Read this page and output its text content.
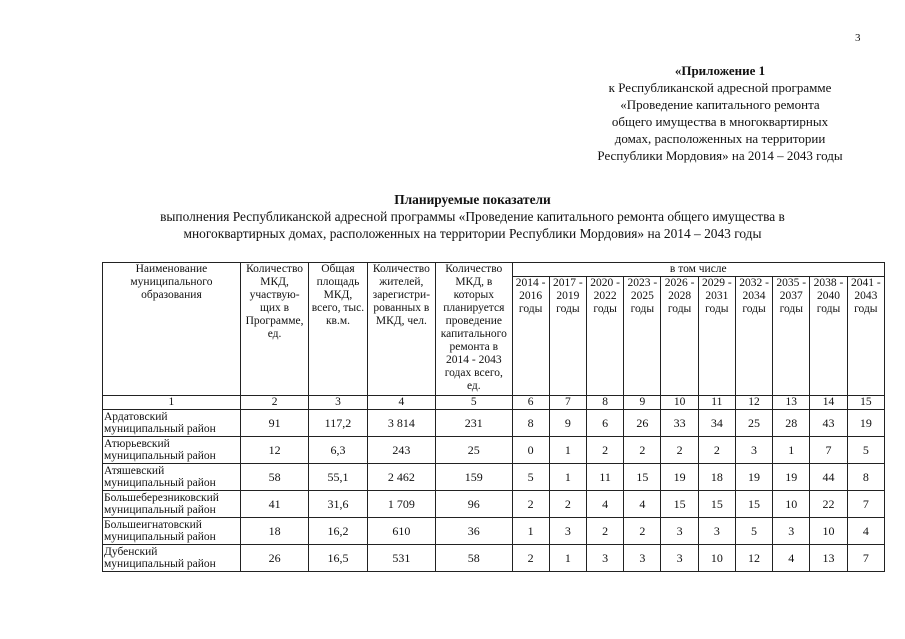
3
«Приложение 1
к Республиканской адресной программе
«Проведение капитального ремонта
общего имущества в многоквартирных
домах, расположенных на территории
Республики Мордовия» на 2014 – 2043 годы
Планируемые показатели
выполнения Республиканской адресной программы «Проведение капитального ремонта общего имущества в
многоквартирных домах, расположенных на территории Республики Мордовия» на 2014 – 2043 годы
Наименование муниципального образования	Количество МКД, участвую-щих в Программе, ед.	Общая площадь МКД, всего, тыс. кв.м.	Количество жителей, зарегистри-рованных в МКД, чел.	Количество МКД, в которых планируется проведение капитального ремонта в 2014 - 2043 годах всего, ед.	в том числе									
					2014 - 2016 годы	2017 - 2019 годы	2020 - 2022 годы	2023 - 2025 годы	2026 - 2028 годы	2029 - 2031 годы	2032 - 2034 годы	2035 - 2037 годы	2038 - 2040 годы	2041 - 2043 годы
1	2	3	4	5	6	7	8	9	10	11	12	13	14	15
Ардатовский муниципальный район	91	117,2	3 814	231	8	9	6	26	33	34	25	28	43	19
Атюрьевский муниципальный район	12	6,3	243	25	0	1	2	2	2	2	3	1	7	5
Атяшевский муниципальный район	58	55,1	2 462	159	5	1	11	15	19	18	19	19	44	8
Большеберезниковский муниципальный район	41	31,6	1 709	96	2	2	4	4	15	15	15	10	22	7
Большеигнатовский муниципальный район	18	16,2	610	36	1	3	2	2	3	3	5	3	10	4
Дубенский муниципальный район	26	16,5	531	58	2	1	3	3	3	10	12	4	13	7
